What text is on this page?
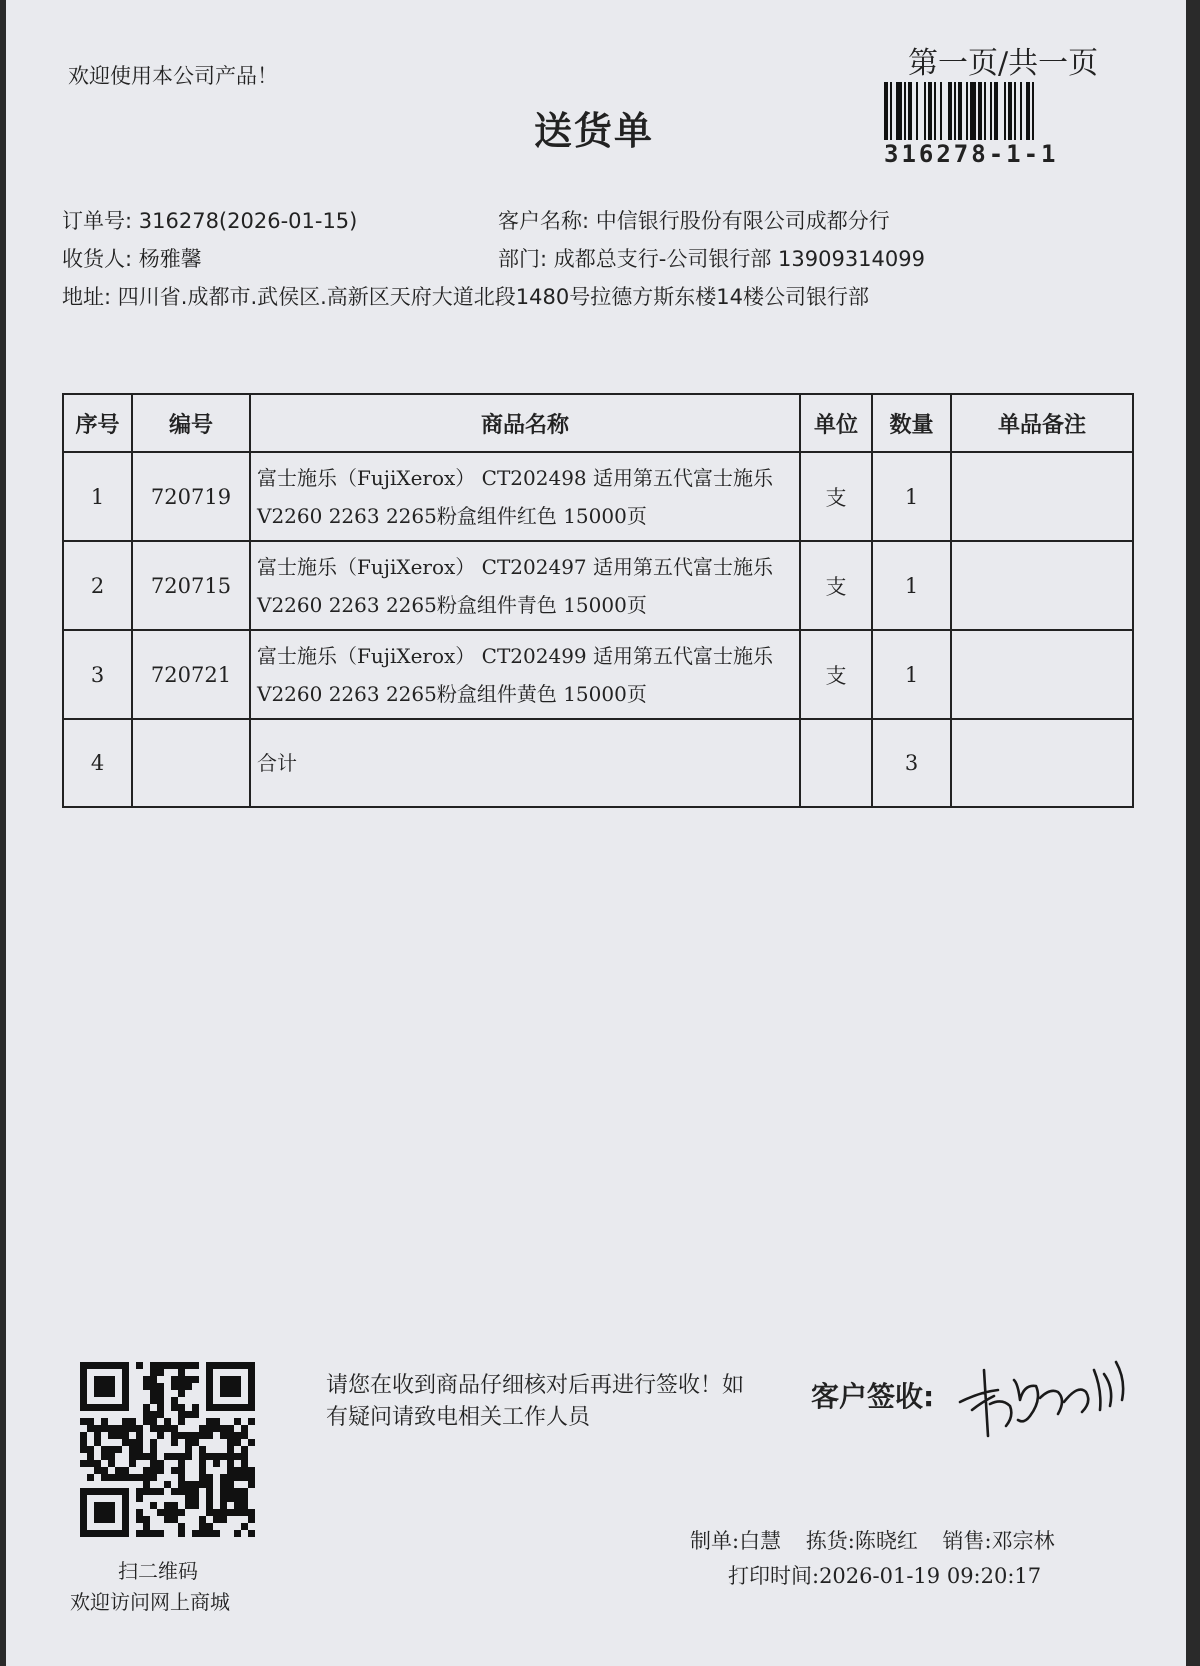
欢迎使用本公司产品！
送货单
第一页/共一页
316278-1-1
订单号: 316278(2026-01-15)	客户名称: 中信银行股份有限公司成都分行
收货人: 杨雅馨	部门: 成都总支行-公司银行部 13909314099
地址: 四川省.成都市.武侯区.高新区天府大道北段1480号拉德方斯东楼14楼公司银行部
序号	编号	商品名称	单位	数量	单品备注
1	720719	富士施乐（FujiXerox） CT202498 适用第五代富士施乐
V2260 2263 2265粉盒组件红色 15000页	支	1	
2	720715	富士施乐（FujiXerox） CT202497 适用第五代富士施乐
V2260 2263 2265粉盒组件青色 15000页	支	1	
3	720721	富士施乐（FujiXerox） CT202499 适用第五代富士施乐
V2260 2263 2265粉盒组件黄色 15000页	支	1	
4		合计		3	
扫二维码
欢迎访问网上商城
请您在收到商品仔细核对后再进行签收！如有疑问请致电相关工作人员
客户签收:
制单:白慧 拣货:陈晓红 销售:邓宗林
打印时间:2026-01-19 09:20:17
